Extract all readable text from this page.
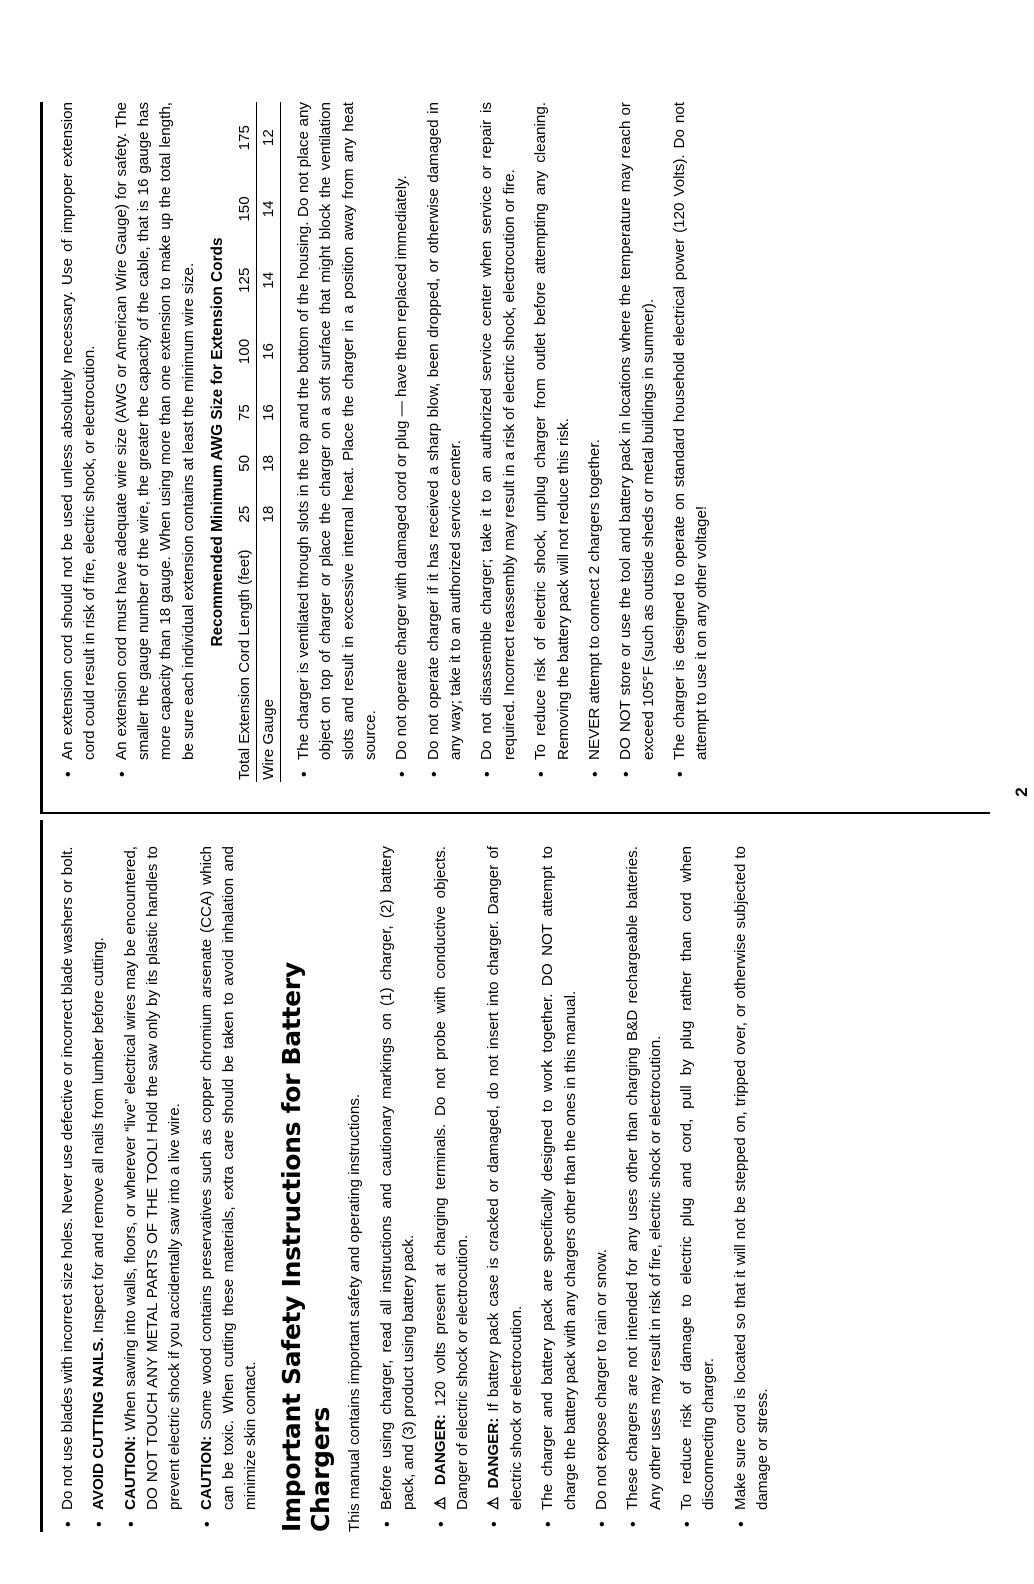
•
Do not use blades with incorrect size holes. Never use defective or incorrect blade washers or bolt.

•
AVOID CUTTING NAILS. Inspect for and remove all nails from lumber before cutting.

•
CAUTION: When sawing into walls, floors, or wherever “live” electrical wires may be encountered, DO NOT TOUCH ANY METAL PARTS OF THE TOOL! Hold the saw only by its plastic handles to prevent electric shock if you accidentally saw into a live wire.

•
CAUTION: Some wood contains preservatives such as copper chromium arsenate (CCA) which can be toxic. When cutting these materials, extra care should be taken to avoid inhalation and minimize skin contact. Important Safety Instructions for Battery Chargers This manual contains important safety and operating instructions. •
Before using charger, read all instructions and cautionary markings on (1) charger, (2) battery pack, and (3) product using battery pack.

•
⚠ DANGER: 120 volts present at charging terminals. Do not probe with conductive objects. Danger of electric shock or electrocution.

•
⚠ DANGER: If battery pack case is cracked or damaged, do not insert into charger. Danger of electric shock or electrocution.

•
The charger and battery pack are specifically designed to work together. DO NOT attempt to charge the battery pack with any chargers other than the ones in this manual.

•
Do not expose charger to rain or snow.

•
These chargers are not intended for any uses other than charging B&D rechargeable batteries. Any other uses may result in risk of fire, electric shock or electrocution.

•
To reduce risk of damage to electric plug and cord, pull by plug rather than cord when disconnecting charger.

•
Make sure cord is located so that it will not be stepped on, tripped over, or otherwise subjected to damage or stress.

•
An extension cord should not be used unless absolutely necessary. Use of improper extension cord could result in risk of fire, electric shock, or electrocution.

•
An extension cord must have adequate wire size (AWG or American Wire Gauge) for safety. The smaller the gauge number of the wire, the greater the capacity of the cable, that is 16 gauge has more capacity than 18 gauge. When using more than one extension to make up the total length, be sure each individual extension contains at least the minimum wire size. Recommended Minimum AWG Size for Extension Cords
Total Extension Cord Length (feet)	25	50	75	100	125	150	175
Wire Gauge	18	18	16	16	14	14	12

•
The charger is ventilated through slots in the top and the bottom of the housing. Do not place any object on top of charger or place the charger on a soft surface that might block the ventilation slots and result in excessive internal heat. Place the charger in a position away from any heat source.

•
Do not operate charger with damaged cord or plug — have them replaced immediately.

•
Do not operate charger if it has received a sharp blow, been dropped, or otherwise damaged in any way; take it to an authorized service center.

•
Do not disassemble charger; take it to an authorized service center when service or repair is required. Incorrect reassembly may result in a risk of electric shock, electrocution or fire.

•
To reduce risk of electric shock, unplug charger from outlet before attempting any cleaning. Removing the battery pack will not reduce this risk.

•
NEVER attempt to connect 2 chargers together.

•
DO NOT store or use the tool and battery pack in locations where the temperature may reach or exceed 105°F (such as outside sheds or metal buildings in summer).

•
The charger is designed to operate on standard household electrical power (120 Volts). Do not attempt to use it on any other voltage!

2
